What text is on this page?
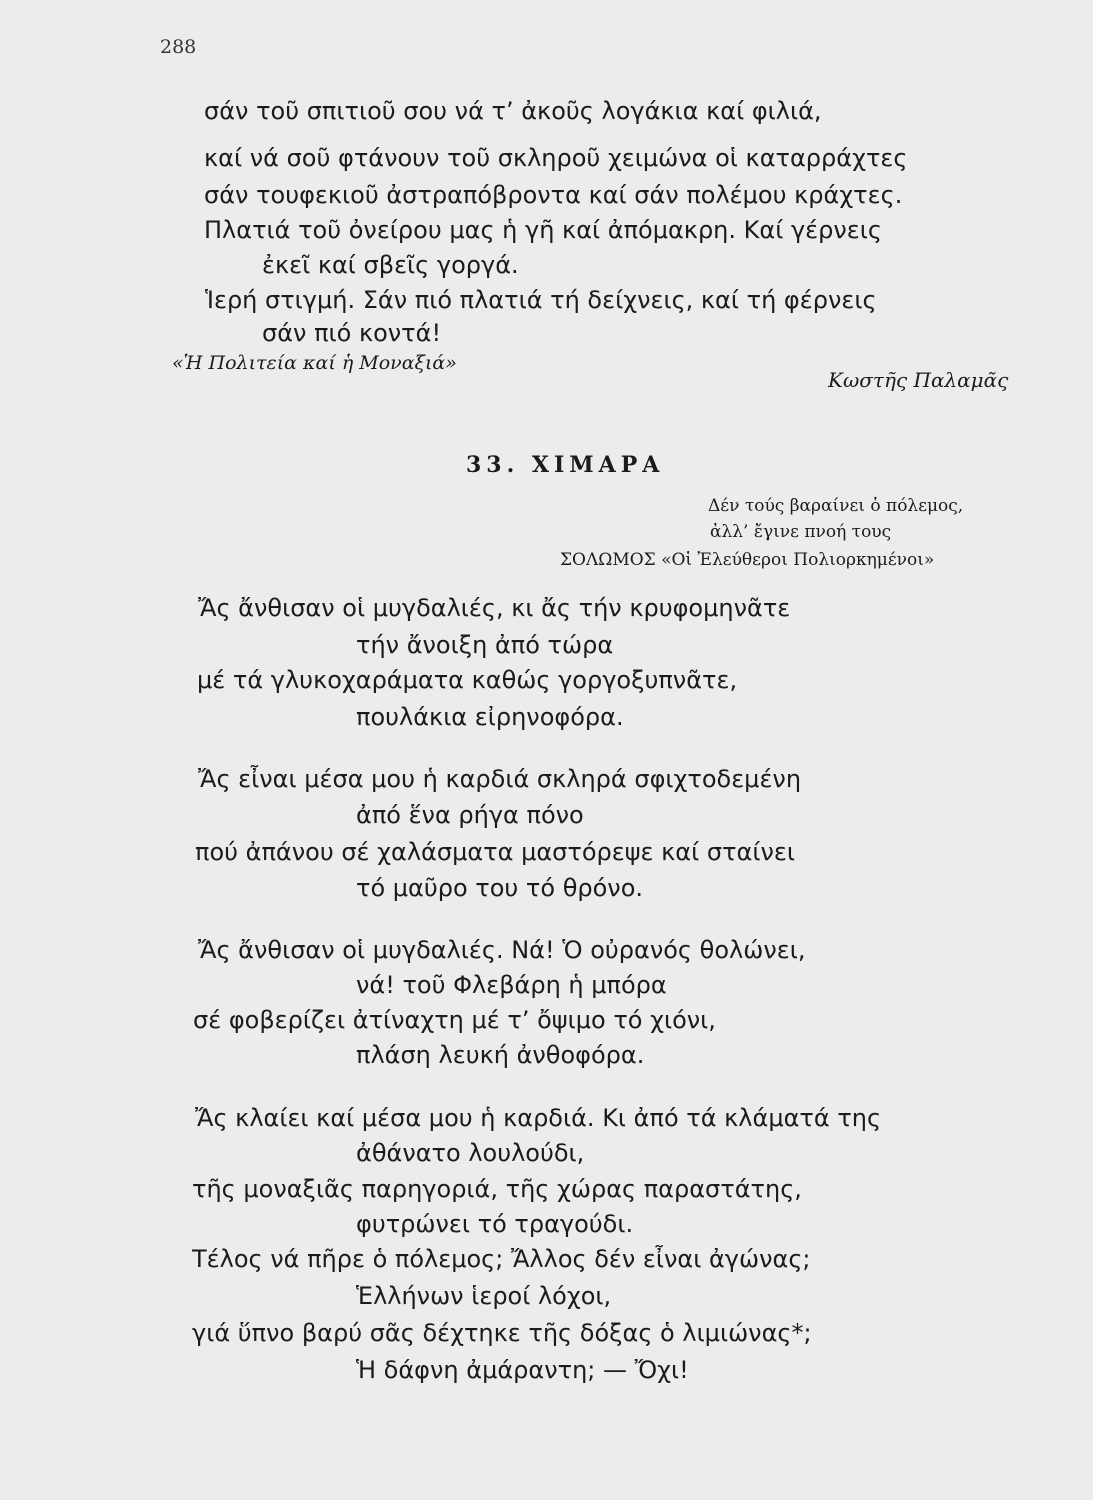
288
σάν τοῦ σπιτιοῦ σου νά τ’ ἀκοῦς λογάκια καί φιλιά,
καί νά σοῦ φτάνουν τοῦ σκληροῦ χειμώνα οἱ καταρράχτες
σάν τουφεκιοῦ ἀστραπόβροντα καί σάν πολέμου κράχτες.
Πλατιά τοῦ ὀνείρου μας ἡ γῆ καί ἀπόμακρη. Καί γέρνεις
ἐκεῖ καί σβεῖς γοργά.
Ἱερή στιγμή. Σάν πιό πλατιά τή δείχνεις, καί τή φέρνεις
σάν πιό κοντά!
«Ἡ Πολιτεία καί ἡ Μοναξιά»
Κωστῆς Παλαμᾶς
33. ΧΙΜΑΡΑ
Δέν τούς βαραίνει ὁ πόλεμος,
ἀλλ’ ἔγινε πνοή τους
ΣΟΛΩΜΟΣ «Οἱ Ἐλεύθεροι Πολιορκημένοι»
Ἄς ἄνθισαν οἱ μυγδαλιές, κι ἄς τήν κρυφομηνᾶτε
τήν ἄνοιξη ἀπό τώρα
μέ τά γλυκοχαράματα καθώς γοργοξυπνᾶτε,
πουλάκια εἰρηνοφόρα.
Ἄς εἶναι μέσα μου ἡ καρδιά σκληρά σφιχτοδεμένη
ἀπό ἕνα ρήγα πόνο
πού ἀπάνου σέ χαλάσματα μαστόρεψε καί σταίνει
τό μαῦρο του τό θρόνο.
Ἄς ἄνθισαν οἱ μυγδαλιές. Νά! Ὁ οὐρανός θολώνει,
νά! τοῦ Φλεβάρη ἡ μπόρα
σέ φοβερίζει ἀτίναχτη μέ τ’ ὄψιμο τό χιόνι,
πλάση λευκή ἀνθοφόρα.
Ἄς κλαίει καί μέσα μου ἡ καρδιά. Κι ἀπό τά κλάματά της
ἀθάνατο λουλούδι,
τῆς μοναξιᾶς παρηγοριά, τῆς χώρας παραστάτης,
φυτρώνει τό τραγούδι.
Τέλος νά πῆρε ὁ πόλεμος; Ἄλλος δέν εἶναι ἀγώνας;
Ἑλλήνων ἱεροί λόχοι,
γιά ὕπνο βαρύ σᾶς δέχτηκε τῆς δόξας ὁ λιμιώνας*;
Ἡ δάφνη ἀμάραντη; — Ὄχι!
